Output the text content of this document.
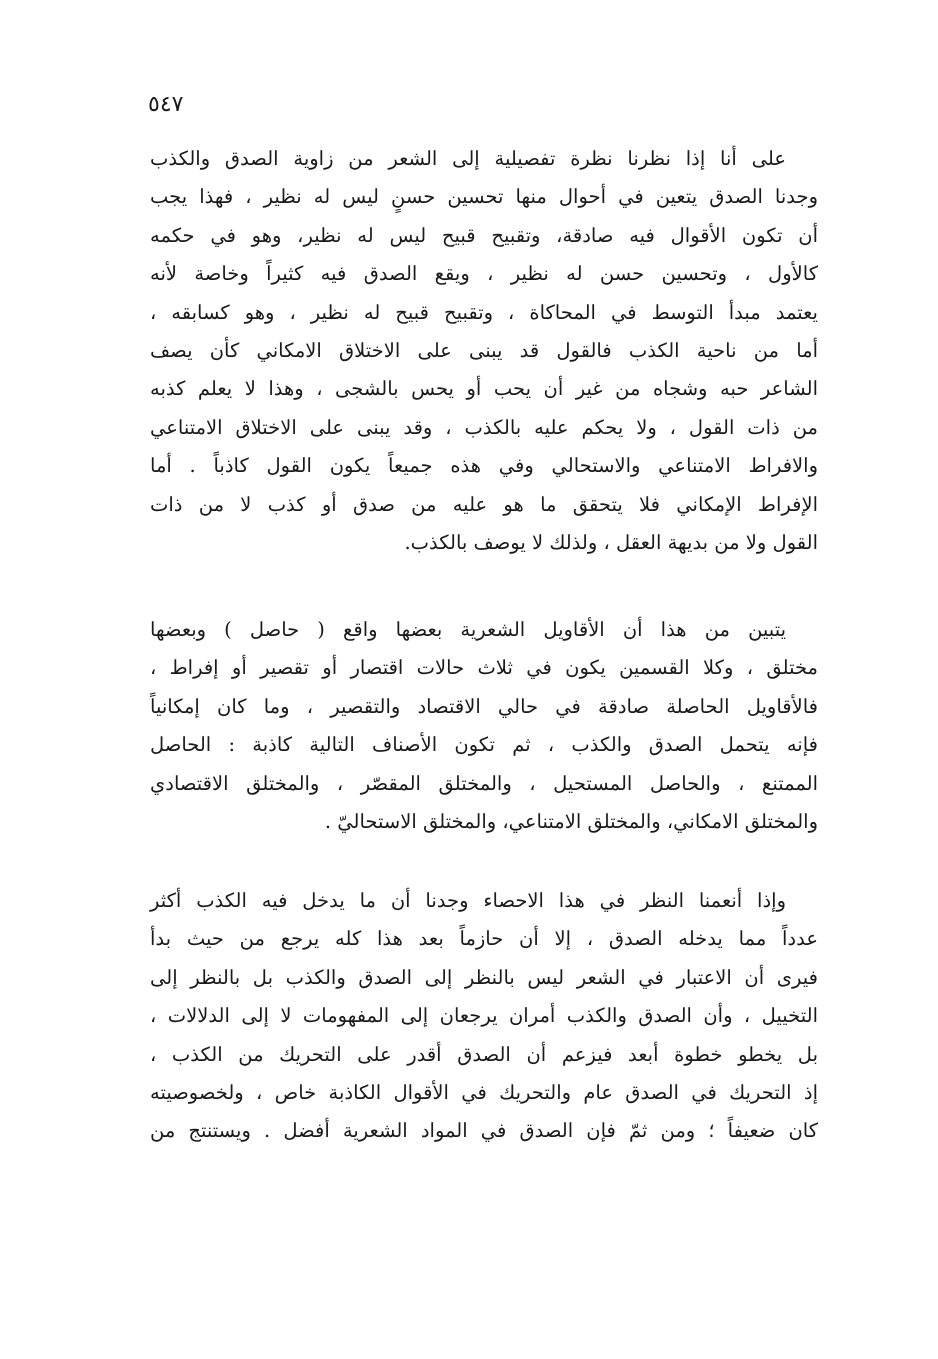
٥٤٧

على أنا إذا نظرنا نظرة تفصيلية إلى الشعر من زاوية الصدق والكذب
وجدنا الصدق يتعين في أحوال منها تحسين حسنٍ ليس له نظير ، فهذا يجب
أن تكون الأقوال فيه صادقة، وتقبيح قبيح ليس له نظير، وهو في حكمه
كالأول ، وتحسين حسن له نظير ، ويقع الصدق فيه كثيراً وخاصة لأنه
يعتمد مبدأ التوسط في المحاكاة ، وتقبيح قبيح له نظير ، وهو كسابقه ،
أما من ناحية الكذب فالقول قد يبنى على الاختلاق الامكاني كأن يصف
الشاعر حبه وشجاه من غير أن يحب أو يحس بالشجى ، وهذا لا يعلم كذبه
من ذات القول ، ولا يحكم عليه بالكذب ، وقد يبنى على الاختلاق الامتناعي
والافراط الامتناعي والاستحالي وفي هذه جميعاً يكون القول كاذباً . أما
الإفراط الإمكاني فلا يتحقق ما هو عليه من صدق أو كذب لا من ذات
القول ولا من بديهة العقل ، ولذلك لا يوصف بالكذب.

يتبين من هذا أن الأقاويل الشعرية بعضها واقع ( حاصل ) وبعضها
مختلق ، وكلا القسمين يكون في ثلاث حالات اقتصار أو تقصير أو إفراط ،
فالأقاويل الحاصلة صادقة في حالي الاقتصاد والتقصير ، وما كان إمكانياً
فإنه يتحمل الصدق والكذب ، ثم تكون الأصناف التالية كاذبة : الحاصل
الممتنع ، والحاصل المستحيل ، والمختلق المقصّر ، والمختلق الاقتصادي
والمختلق الامكاني، والمختلق الامتناعي، والمختلق الاستحاليّ .

وإذا أنعمنا النظر في هذا الاحصاء وجدنا أن ما يدخل فيه الكذب أكثر
عدداً مما يدخله الصدق ، إلا أن حازماً بعد هذا كله يرجع من حيث بدأ
فيرى أن الاعتبار في الشعر ليس بالنظر إلى الصدق والكذب بل بالنظر إلى
التخييل ، وأن الصدق والكذب أمران يرجعان إلى المفهومات لا إلى الدلالات ،
بل يخطو خطوة أبعد فيزعم أن الصدق أقدر على التحريك من الكذب ،
إذ التحريك في الصدق عام والتحريك في الأقوال الكاذبة خاص ، ولخصوصيته
كان ضعيفاً ؛ ومن ثمّ فإن الصدق في المواد الشعرية أفضل . ويستنتج من
